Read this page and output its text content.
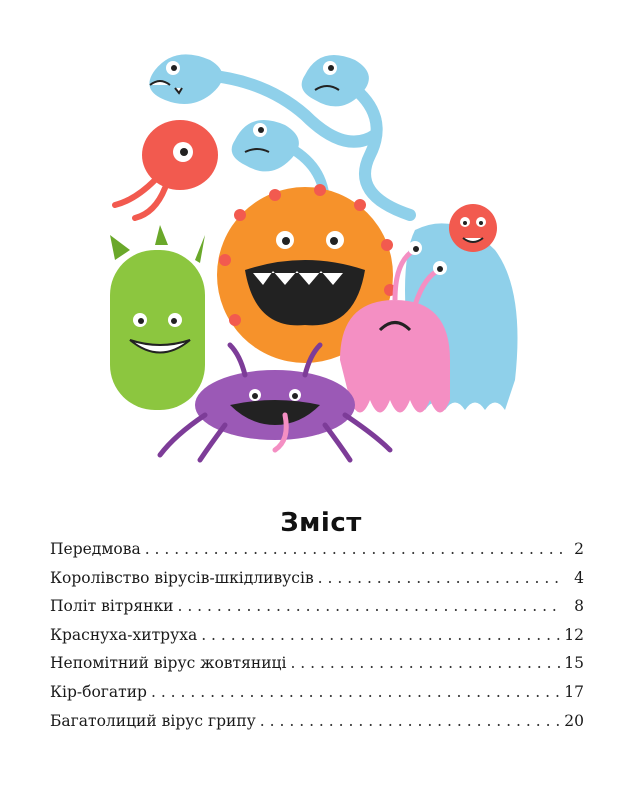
Зміст
Передмова . . .	2
Королівство вірусів-шкідливусів . . .	4
Політ вітрянки . . .	8
Краснуха-хитруха . . .	12
Непомітний вірус жовтяниці . . .	15
Кір-богатир . . .	17
Багатолиций вірус грипу . . .	20
